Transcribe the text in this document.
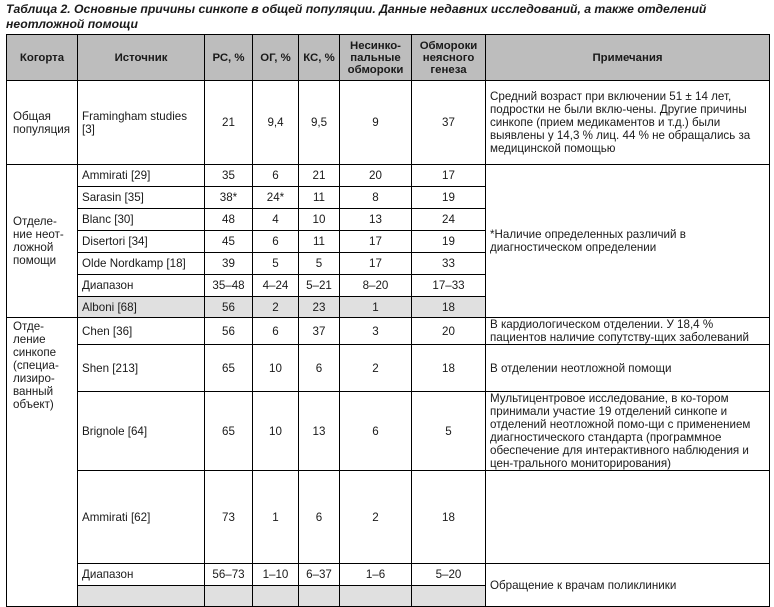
Таблица 2. Основные причины синкопе в общей популяции. Данные недавних исследований, а также отделений неотложной помощи
Когорта	Источник	РС, %	ОГ, %	КС, %	Несинко-пальные обмороки	Обмороки неясного генеза	Примечания
Общая популяция	Framingham studies [3]	21	9,4	9,5	9	37	Средний возраст при включении 51 ± 14 лет, подростки не были вклю-чены. Другие причины синкопе (прием медикаментов и т.д.) были выявлены у 14,3 % лиц. 44 % не обращались за медицинской помощью
Отделе-ние неот-ложной помощи	Ammirati [29]	35	6	21	20	17	*Наличие определенных различий в диагностическом определении
	Sarasin [35]	38*	24*	11	8	19	
	Blanc [30]	48	4	10	13	24	
	Disertori [34]	45	6	11	17	19	
	Olde Nordkamp [18]	39	5	5	17	33	
	Диапазон	35–48	4–24	5–21	8–20	17–33	
	Alboni [68]	56	2	23	1	18	
Отде-ление синкопе (специа-лизиро-ванный объект)	Chen [36]	56	6	37	3	20	В кардиологическом отделении. У 18,4 % пациентов наличие сопутству-щих заболеваний
	Shen [213]	65	10	6	2	18	В отделении неотложной помощи
	Brignole [64]	65	10	13	6	5	Мультицентровое исследование, в ко-тором принимали участие 19 отделений синкопе и отделений неотложной помо-щи с применением диагностического стандарта (программное обеспечение для интерактивного наблюдения и цен-трального мониторирования)
	Ammirati [62]	73	1	6	2	18	
	Диапазон	56–73	1–10	6–37	1–6	5–20	Обращение к врачам поликлиники
